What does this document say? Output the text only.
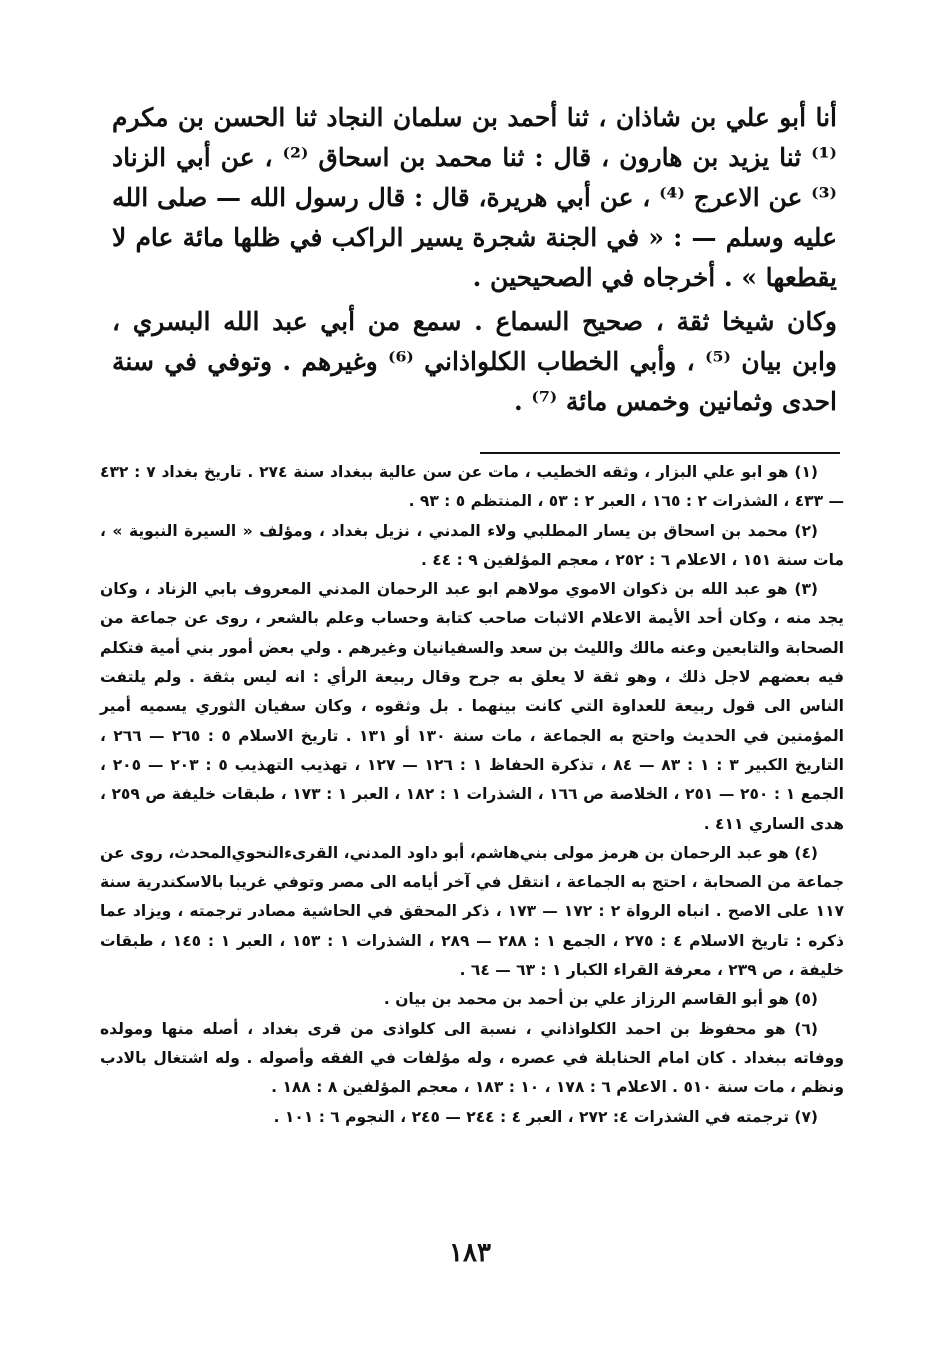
أنا أبو علي بن شاذان ، ثنا أحمد بن سلمان النجاد ثنا الحسن بن مكرم ⁽¹⁾ ثنا يزيد بن هارون ، قال : ثنا محمد بن اسحاق ⁽²⁾ ، عن أبي الزناد ⁽³⁾ عن الاعرج ⁽⁴⁾ ، عن أبي هريرة، قال : قال رسول الله — صلى الله عليه وسلم — : « في الجنة شجرة يسير الراكب في ظلها مائة عام لا يقطعها » . أخرجاه في الصحيحين .

وكان شيخا ثقة ، صحيح السماع . سمع من أبي عبد الله البسري ، وابن بيان ⁽⁵⁾ ، وأبي الخطاب الكلواذاني ⁽⁶⁾ وغيرهم . وتوفي في سنة احدى وثمانين وخمس مائة ⁽⁷⁾ .

(١) هو ابو علي البزار ، وثقه الخطيب ، مات عن سن عالية ببغداد سنة ٢٧٤ . تاريخ بغداد ٧ : ٤٣٢ — ٤٣٣ ، الشذرات ٢ : ١٦٥ ، العبر ٢ : ٥٣ ، المنتظم ٥ : ٩٣ .

(٢) محمد بن اسحاق بن يسار المطلبي ولاء المدني ، نزيل بغداد ، ومؤلف « السيرة النبوية » ، مات سنة ١٥١ ، الاعلام ٦ : ٢٥٢ ، معجم المؤلفين ٩ : ٤٤ .

(٣) هو عبد الله بن ذكوان الاموي مولاهم ابو عبد الرحمان المدني المعروف بابي الزناد ، وكان يجد منه ، وكان أحد الأيمة الاعلام الاثبات صاحب كتابة وحساب وعلم بالشعر ، روى عن جماعة من الصحابة والتابعين وعنه مالك والليث بن سعد والسفيانيان وغيرهم . ولي بعض أمور بني أمية فتكلم فيه بعضهم لاجل ذلك ، وهو ثقة لا يعلق به جرح وقال ربيعة الرأي : انه ليس بثقة . ولم يلتفت الناس الى قول ربيعة للعداوة التي كانت بينهما . بل وثقوه ، وكان سفيان الثوري يسميه أمير المؤمنين في الحديث واحتج به الجماعة ، مات سنة ١٣٠ أو ١٣١ . تاريخ الاسلام ٥ : ٢٦٥ — ٢٦٦ ، التاريخ الكبير ٣ : ١ : ٨٣ — ٨٤ ، تذكرة الحفاظ ١ : ١٢٦ — ١٢٧ ، تهذيب التهذيب ٥ : ٢٠٣ — ٢٠٥ ، الجمع ١ : ٢٥٠ — ٢٥١ ، الخلاصة ص ١٦٦ ، الشذرات ١ : ١٨٢ ، العبر ١ : ١٧٣ ، طبقات خليفة ص ٢٥٩ ، هدى الساري ٤١١ .

(٤) هو عبد الرحمان بن هرمز مولى بني‌هاشم، أبو داود المدني، القرىء‌النحوي‌المحدث، روى عن جماعة من الصحابة ، احتج به الجماعة ، انتقل في آخر أيامه الى مصر وتوفي غريبا بالاسكندرية سنة ١١٧ على الاصح . انباه الرواة ٢ : ١٧٢ — ١٧٣ ، ذكر المحقق في الحاشية مصادر ترجمته ، ويزاد عما ذكره : تاريخ الاسلام ٤ : ٢٧٥ ، الجمع ١ : ٢٨٨ — ٢٨٩ ، الشذرات ١ : ١٥٣ ، العبر ١ : ١٤٥ ، طبقات خليفة ، ص ٢٣٩ ، معرفة القراء الكبار ١ : ٦٣ — ٦٤ .

(٥) هو أبو القاسم الرزاز علي بن أحمد بن محمد بن بيان .

(٦) هو محفوظ بن احمد الكلواذاني ، نسبة الى كلواذى من قرى بغداد ، أصله منها ومولده ووفاته ببغداد . كان امام الحنابلة في عصره ، وله مؤلفات في الفقه وأصوله . وله اشتغال بالادب ونظم ، مات سنة ٥١٠ . الاعلام ٦ : ١٧٨ ، ١٠ : ١٨٣ ، معجم المؤلفين ٨ : ١٨٨ .

(٧) ترجمته في الشذرات ٤: ٢٧٢ ، العبر ٤ : ٢٤٤ — ٢٤٥ ، النجوم ٦ : ١٠١ .

١٨٣
